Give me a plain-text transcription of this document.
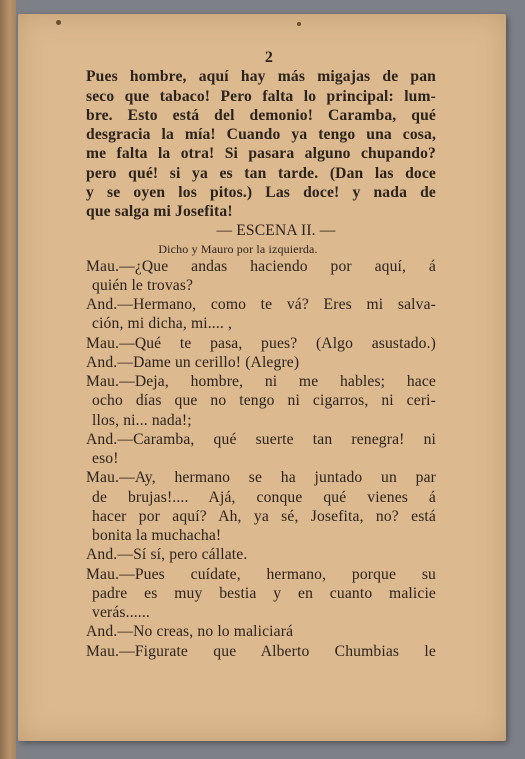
2
Pues hombre, aquí hay más migajas de pan
seco que tabaco! Pero falta lo principal: lum-
bre. Esto está del demonio! Caramba, qué
desgracia la mía! Cuando ya tengo una cosa,
me falta la otra! Si pasara alguno chupando?
pero qué! si ya es tan tarde. (Dan las doce
y se oyen los pitos.) Las doce! y nada de
que salga mi Josefita!
— ESCENA II. —
Dicho y Mauro por la izquierda.
Mau.—¿Que andas haciendo por aquí, á
quién le trovas?
And.—Hermano, como te vá? Eres mi salva-
ción, mi dicha, mi.... ,
Mau.—Qué te pasa, pues? (Algo asustado.)
And.—Dame un cerillo! (Alegre)
Mau.—Deja, hombre, ni me hables; hace
ocho días que no tengo ni cigarros, ni ceri-
llos, ni... nada!;
And.—Caramba, qué suerte tan renegra! ni
eso!
Mau.—Ay, hermano se ha juntado un par
de brujas!.... Ajá, conque qué vienes á
hacer por aquí? Ah, ya sé, Josefita, no? está
bonita la muchacha!
And.—Sí sí, pero cállate.
Mau.—Pues cuídate, hermano, porque su
padre es muy bestia y en cuanto malicie
verás......
And.—No creas, no lo maliciará
Mau.—Figurate que Alberto Chumbias le
